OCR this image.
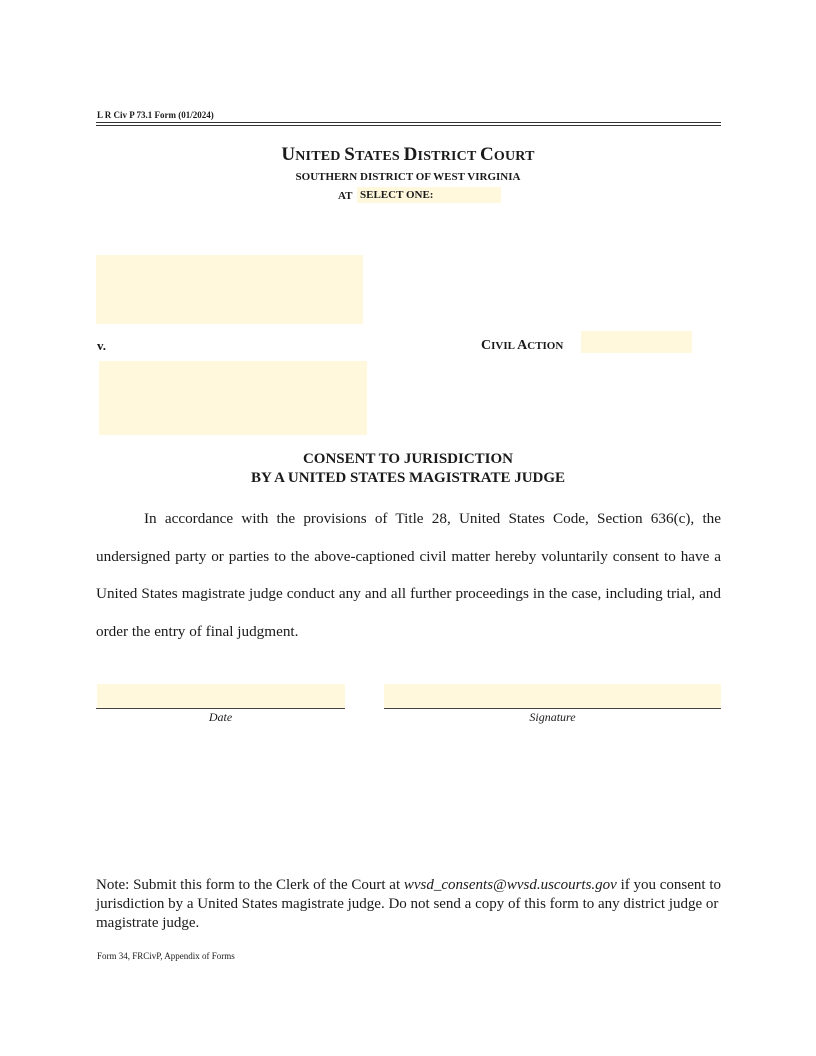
L R Civ P 73.1 Form (01/2024)
UNITED STATES DISTRICT COURT
SOUTHERN DISTRICT OF WEST VIRGINIA
AT SELECT ONE:
v.	CIVIL ACTION
CONSENT TO JURISDICTION
BY A UNITED STATES MAGISTRATE JUDGE

In accordance with the provisions of Title 28, United States Code, Section 636(c), the undersigned party or parties to the above-captioned civil matter hereby voluntarily consent to have a United States magistrate judge conduct any and all further proceedings in the case, including trial, and order the entry of final judgment.

Date	Signature
Note: Submit this form to the Clerk of the Court at wvsd_consents@wvsd.uscourts.gov if you consent to jurisdiction by a United States magistrate judge. Do not send a copy of this form to any district judge or magistrate judge.
Form 34, FRCivP, Appendix of Forms
